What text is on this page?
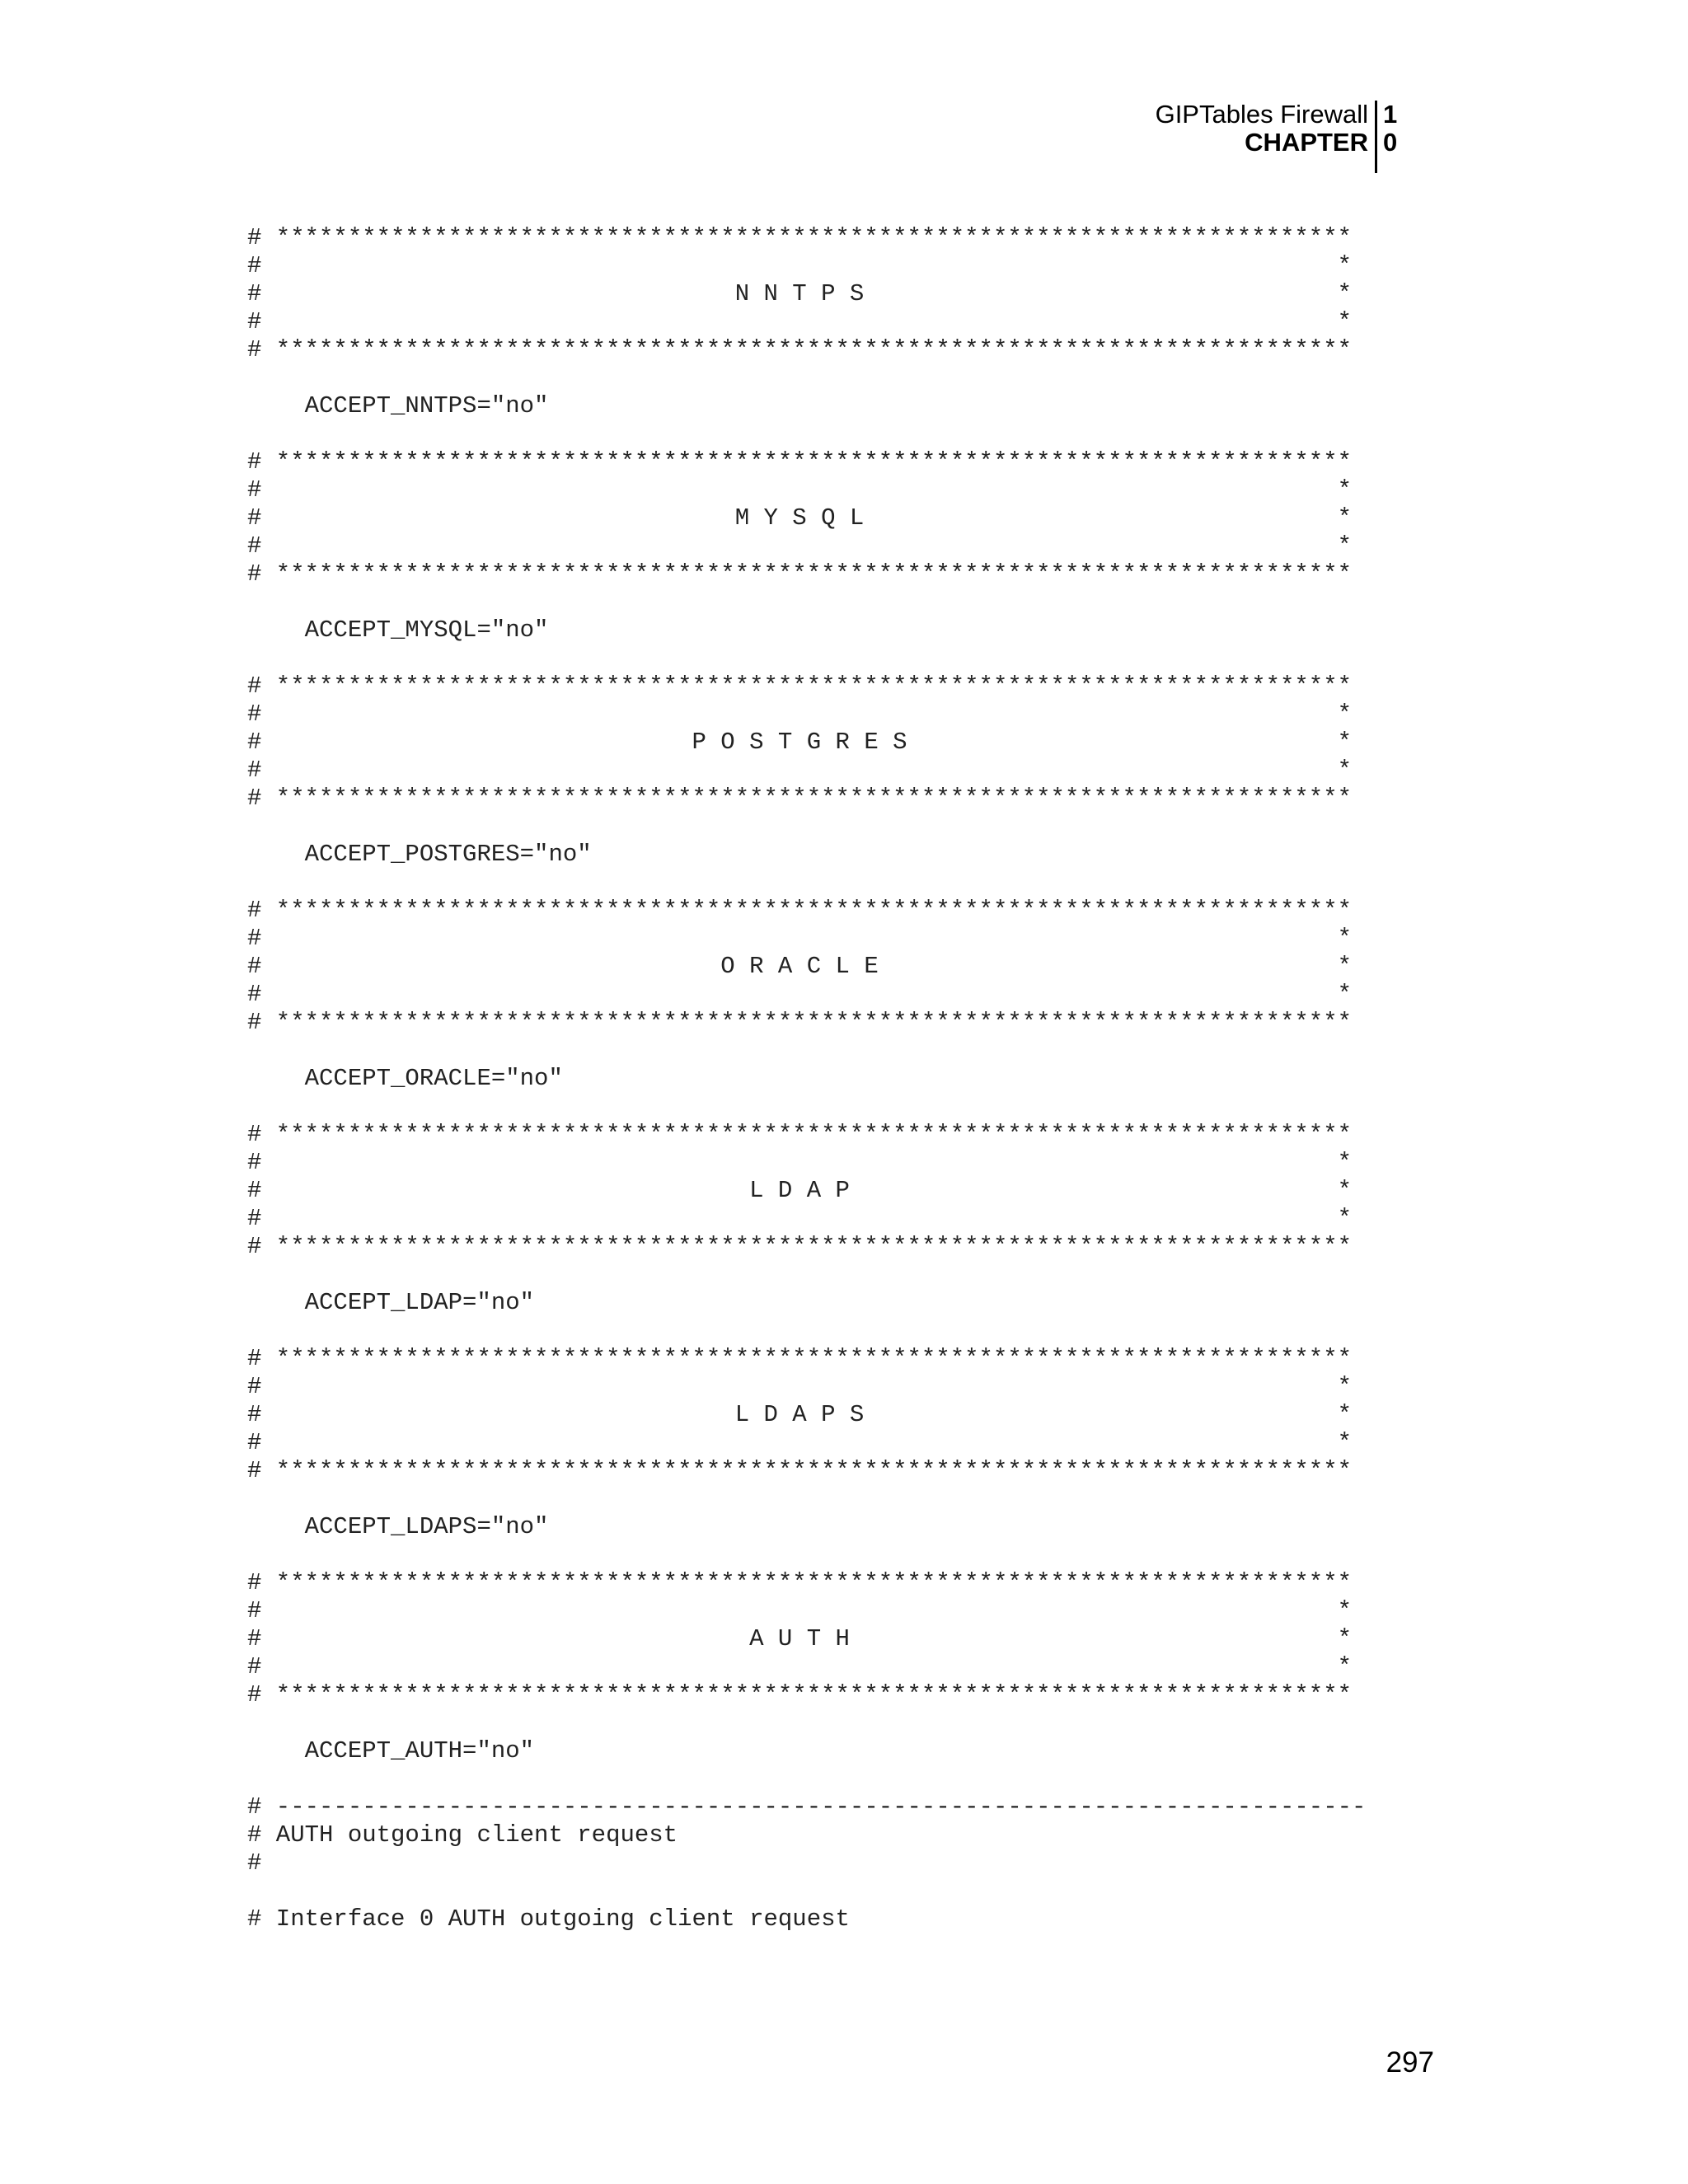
GIPTables Firewall
CHAPTER
1
0
# ***************************************************************************
#                                                                           *
#                                 N N T P S                                 *
#                                                                           *
# ***************************************************************************
ACCEPT_NNTPS="no"
# ***************************************************************************
#                                                                           *
#                                 M Y S Q L                                 *
#                                                                           *
# ***************************************************************************
ACCEPT_MYSQL="no"
# ***************************************************************************
#                                                                           *
#                              P O S T G R E S                              *
#                                                                           *
# ***************************************************************************
ACCEPT_POSTGRES="no"
# ***************************************************************************
#                                                                           *
#                                O R A C L E                                *
#                                                                           *
# ***************************************************************************
ACCEPT_ORACLE="no"
# ***************************************************************************
#                                                                           *
#                                  L D A P                                  *
#                                                                           *
# ***************************************************************************
ACCEPT_LDAP="no"
# ***************************************************************************
#                                                                           *
#                                 L D A P S                                 *
#                                                                           *
# ***************************************************************************
ACCEPT_LDAPS="no"
# ***************************************************************************
#                                                                           *
#                                  A U T H                                  *
#                                                                           *
# ***************************************************************************
ACCEPT_AUTH="no"
# ----------------------------------------------------------------------------
# AUTH outgoing client request
#
# Interface 0 AUTH outgoing client request
297
